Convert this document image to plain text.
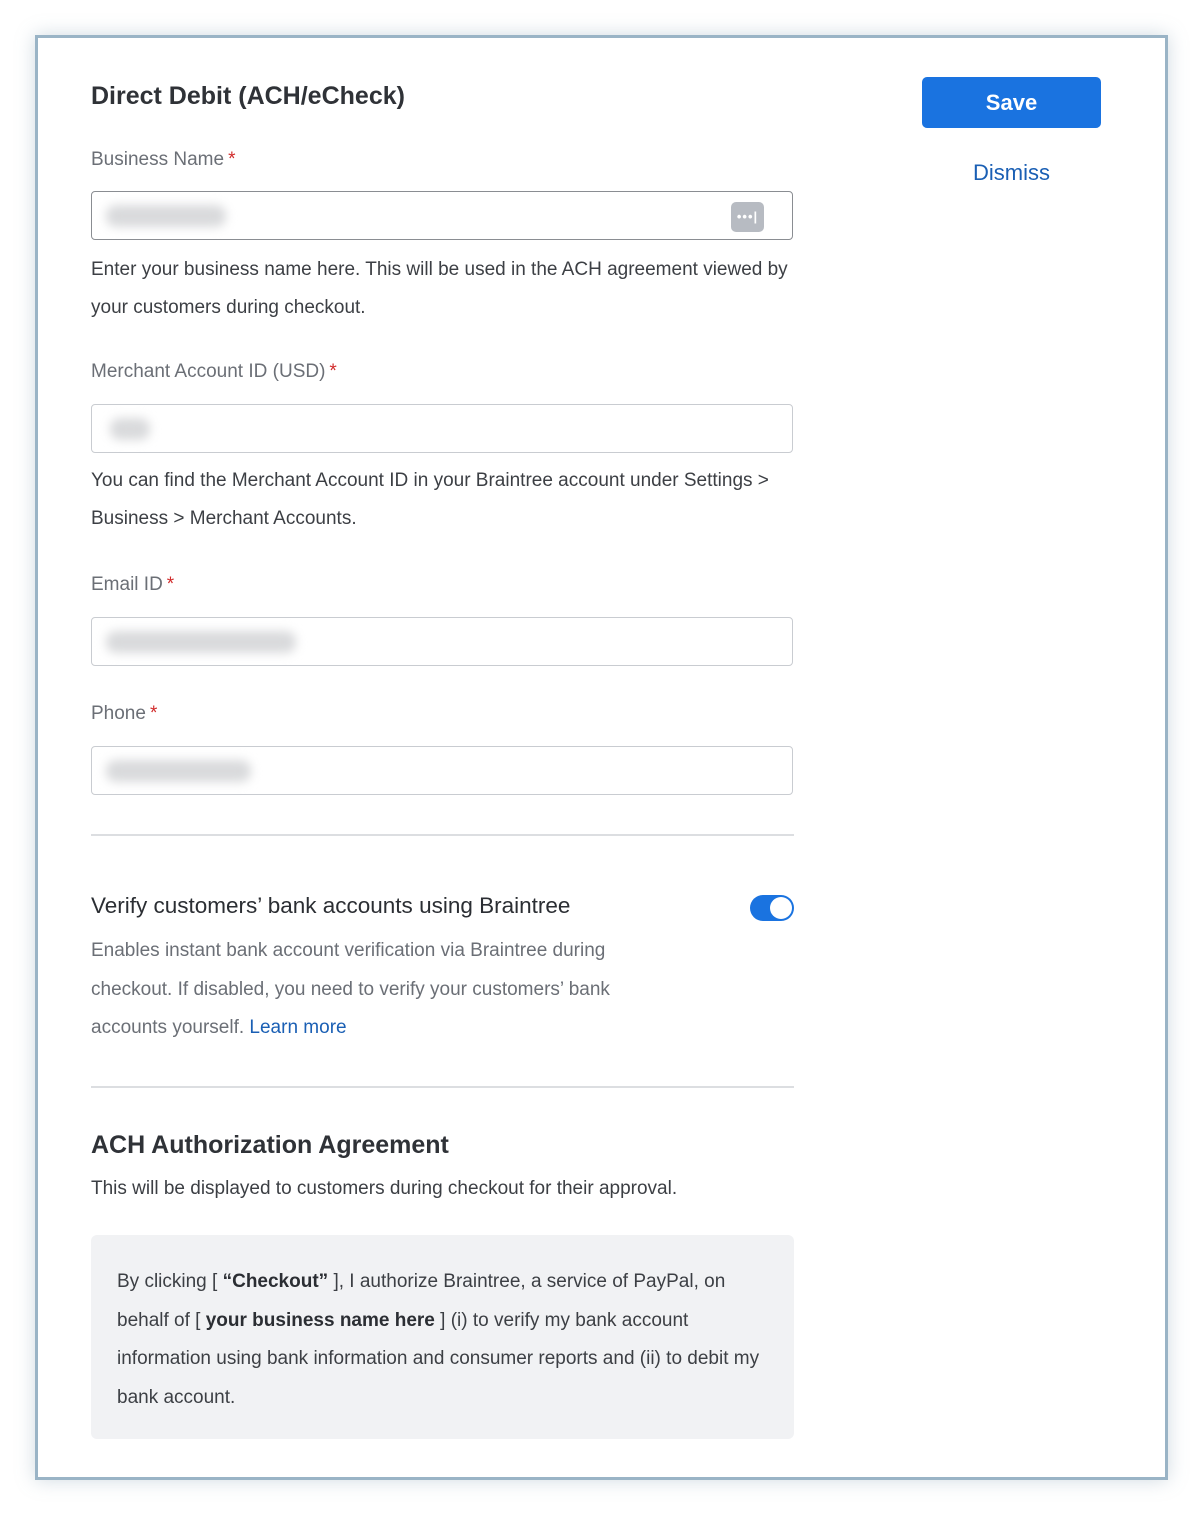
Direct Debit (ACH/eCheck)	Save
Dismiss
Business Name *
•••|

Enter your business name here. This will be used in the ACH agreement viewed by your customers during checkout.

Merchant Account ID (USD) *

You can find the Merchant Account ID in your Braintree account under Settings > Business > Merchant Accounts.

Email ID *
Phone *
Verify customers’ bank accounts using Braintree

Enables instant bank account verification via Braintree during checkout. If disabled, you need to verify your customers’ bank accounts yourself. Learn more

ACH Authorization Agreement

This will be displayed to customers during checkout for their approval.

By clicking [ “Checkout” ], I authorize Braintree, a service of PayPal, on behalf of [ your business name here ] (i) to verify my bank account information using bank information and consumer reports and (ii) to debit my bank account.
